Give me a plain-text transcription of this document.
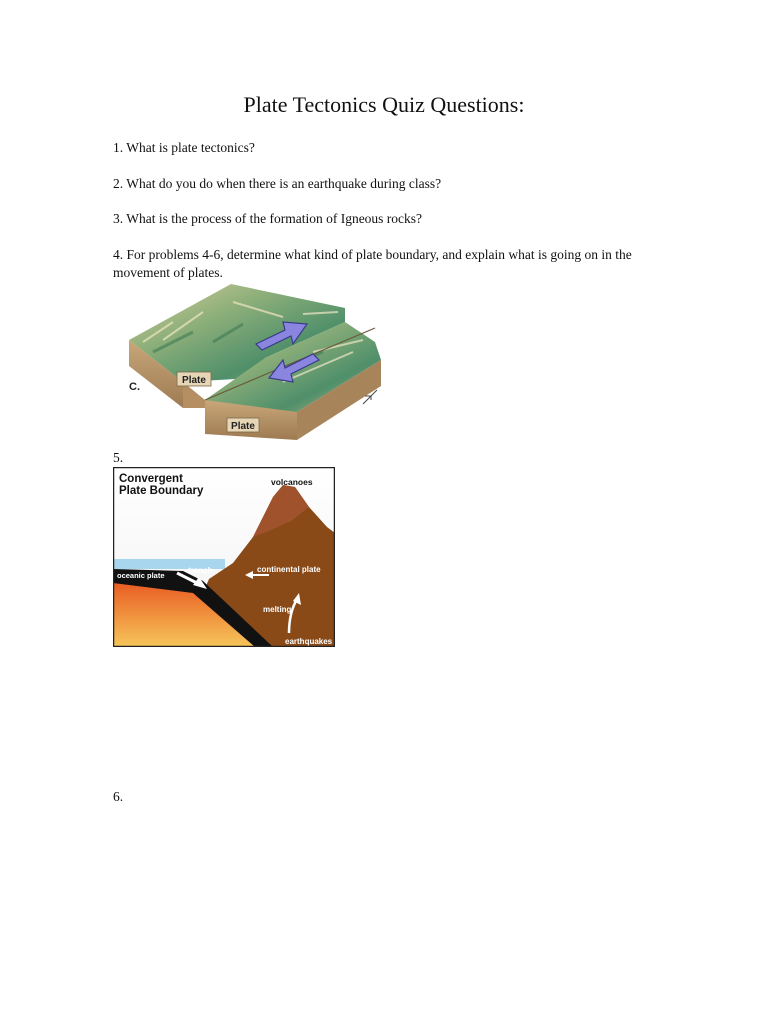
Plate Tectonics Quiz Questions:
1. What is plate tectonics?
2. What do you do when there is an earthquake during class?
3. What is the process of the formation of Igneous rocks?
4. For problems 4-6, determine what kind of plate boundary, and explain what is going on in the movement of plates.
Plate
Plate
C.
5.
Convergent
Plate Boundary
volcanoes
trench
oceanic plate
continental plate
melting
earthquakes
6.
